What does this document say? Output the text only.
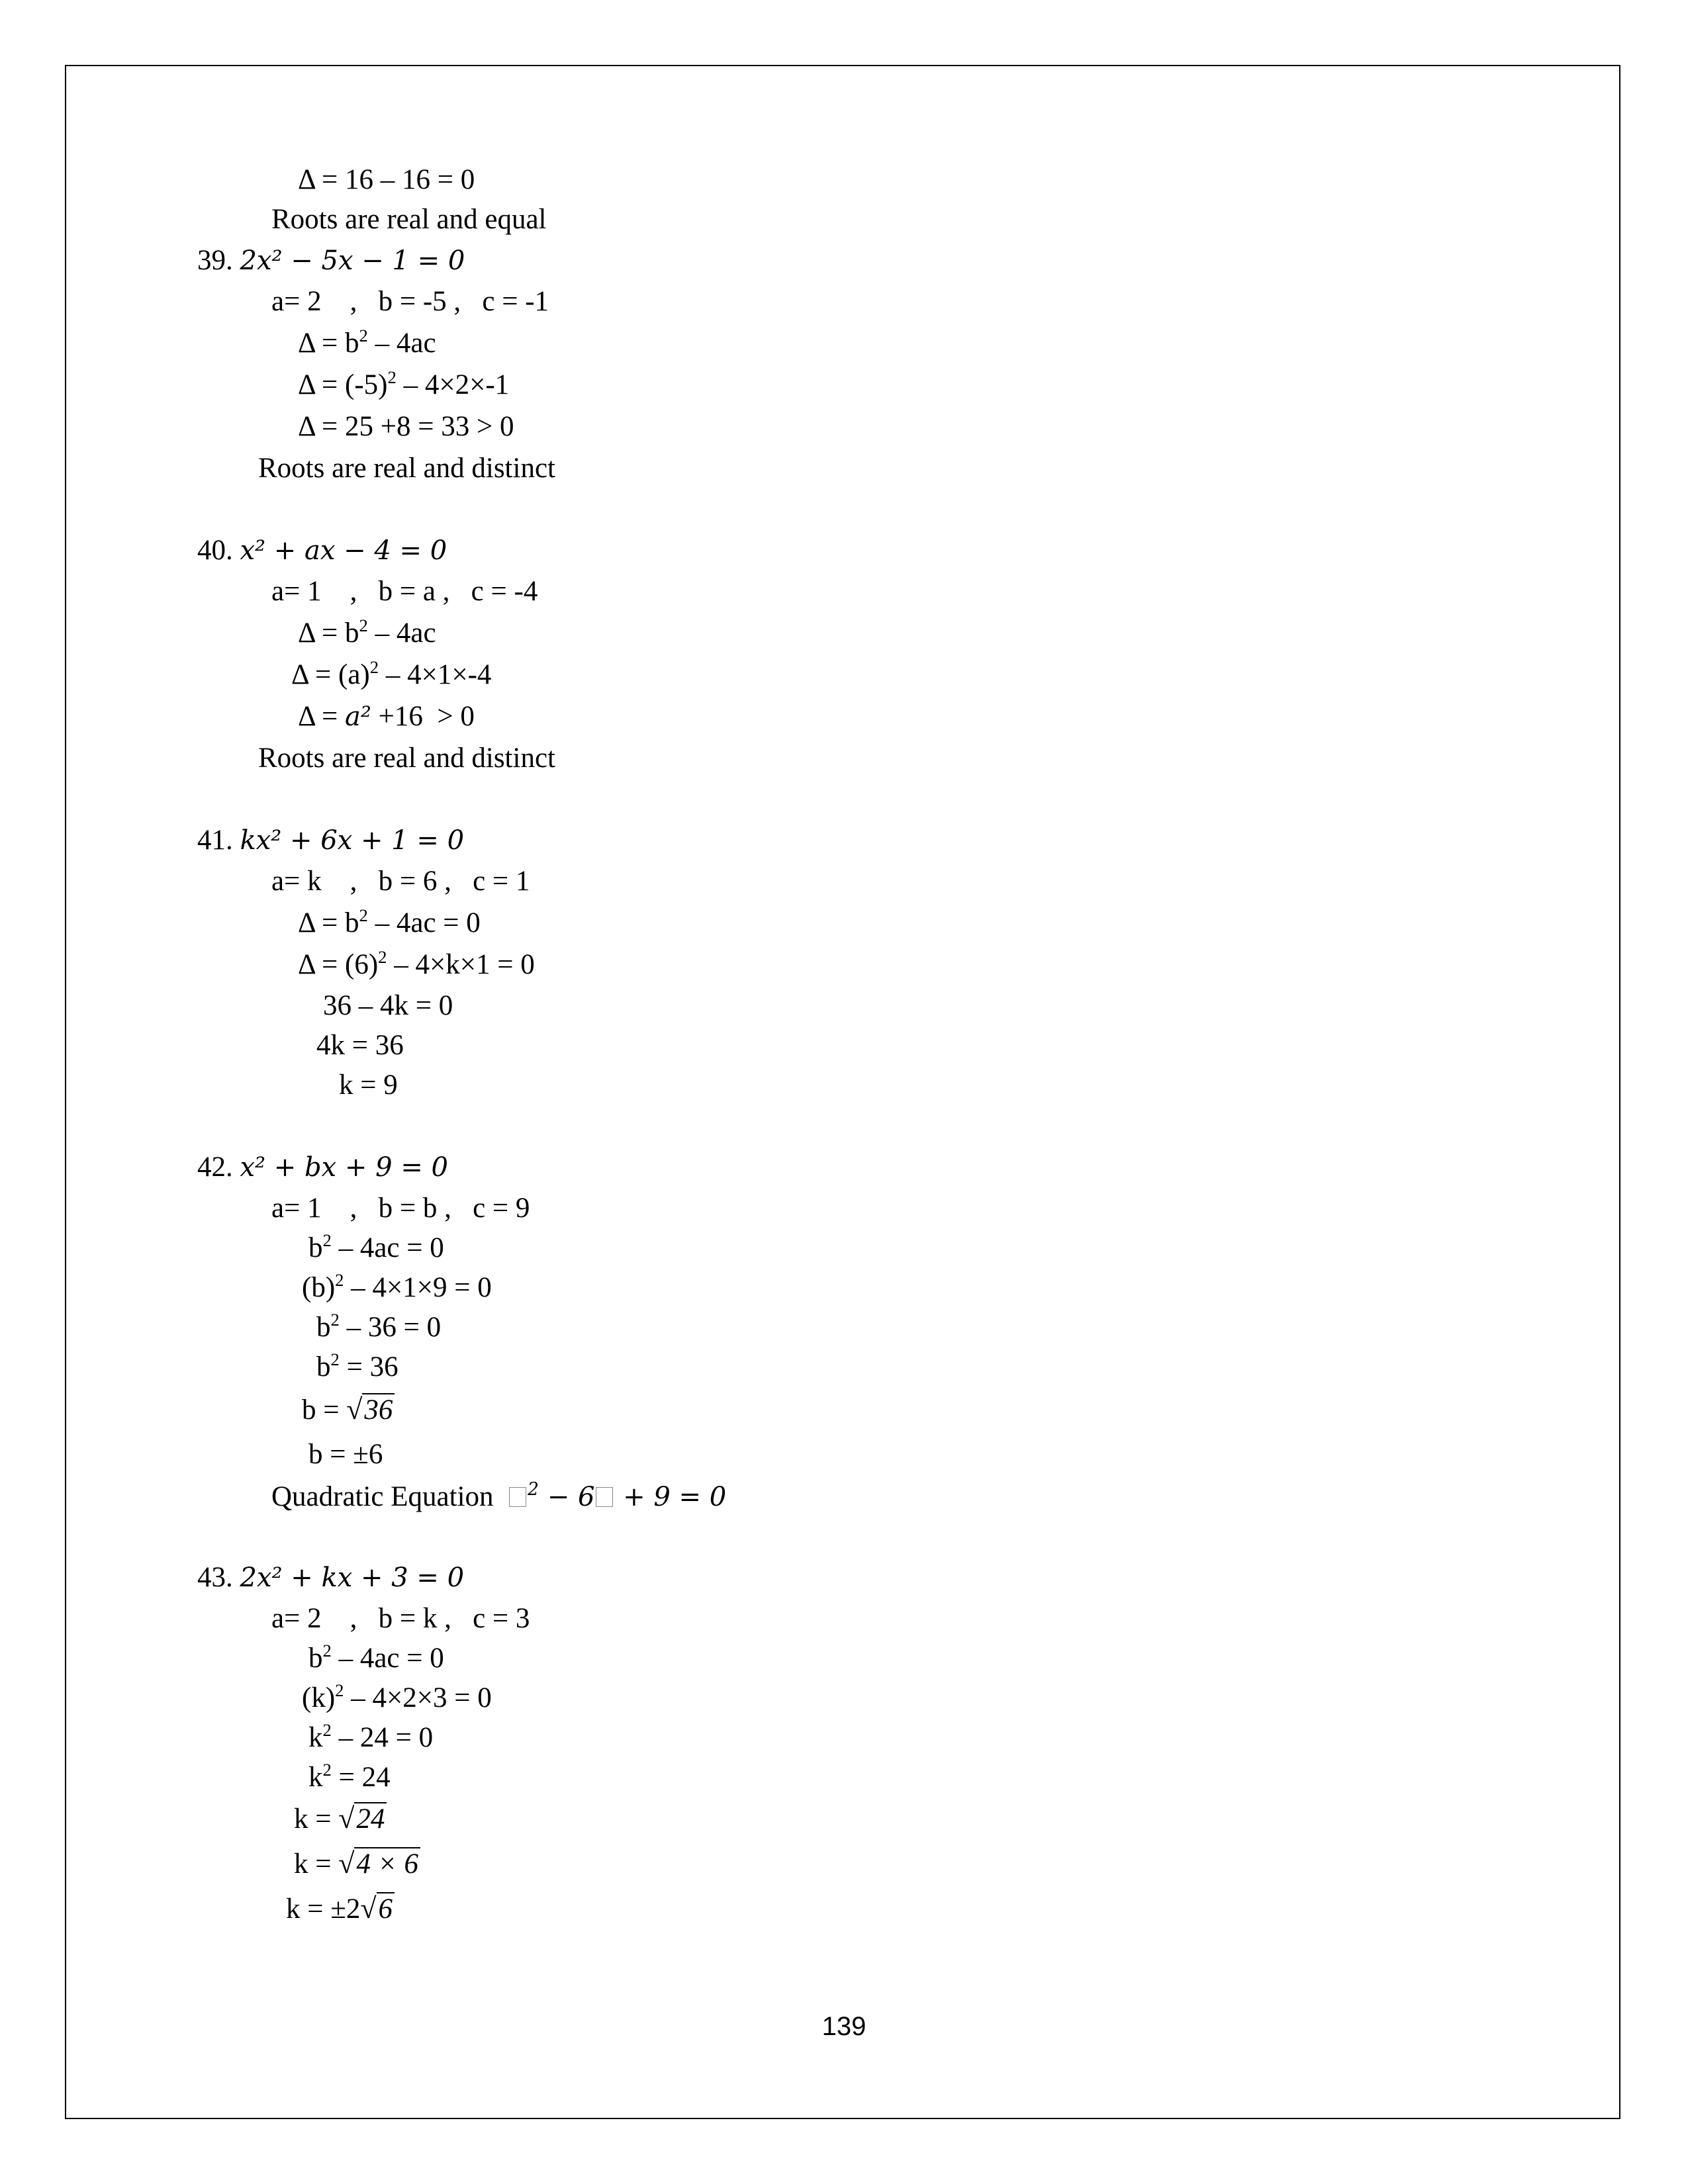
Δ = 16 – 16 = 0
Roots are real and equal
39. 2x² − 5x − 1 = 0
a= 2    ,   b = -5 ,   c = -1
$\Delta = b^2 - 4ac$
$\Delta = (-5)^2 - 4\times 2\times-1$
Δ = 25 +8 = 33 > 0
Roots are real and distinct
40. x² + ax − 4 = 0
a= 1    ,   b = a ,   c = -4
$\Delta = b^2 - 4ac$
$\Delta = (a)^2 - 4\times 1\times-4$
Δ = a² +16  > 0
Roots are real and distinct
41. kx² + 6x + 1 = 0
a= k    ,   b = 6 ,   c = 1
$\Delta = b^2 - 4ac = 0$
$\Delta = (6)^2 - 4\times k\times 1 = 0$
36 – 4k = 0
4k = 36
k = 9
42. x² + bx + 9 = 0
a= 1    ,   b = b ,   c = 9
$b^2 - 4ac = 0$
$(b)^2 - 4\times 1\times 9 = 0$
$b^2 - 36 = 0$
$b^2 = 36$
b = √36
b = ±6
Quadratic Equation  $^2$ − 6 + 9 = 0
43. 2x² + kx + 3 = 0
a= 2    ,   b = k ,   c = 3
$b^2 - 4ac = 0$
$(k)^2 - 4\times 2\times 3 = 0$
$k^2 - 24 = 0$
$k^2 = 24$
k = √24
k = √4 × 6
k = ±2√6
139
